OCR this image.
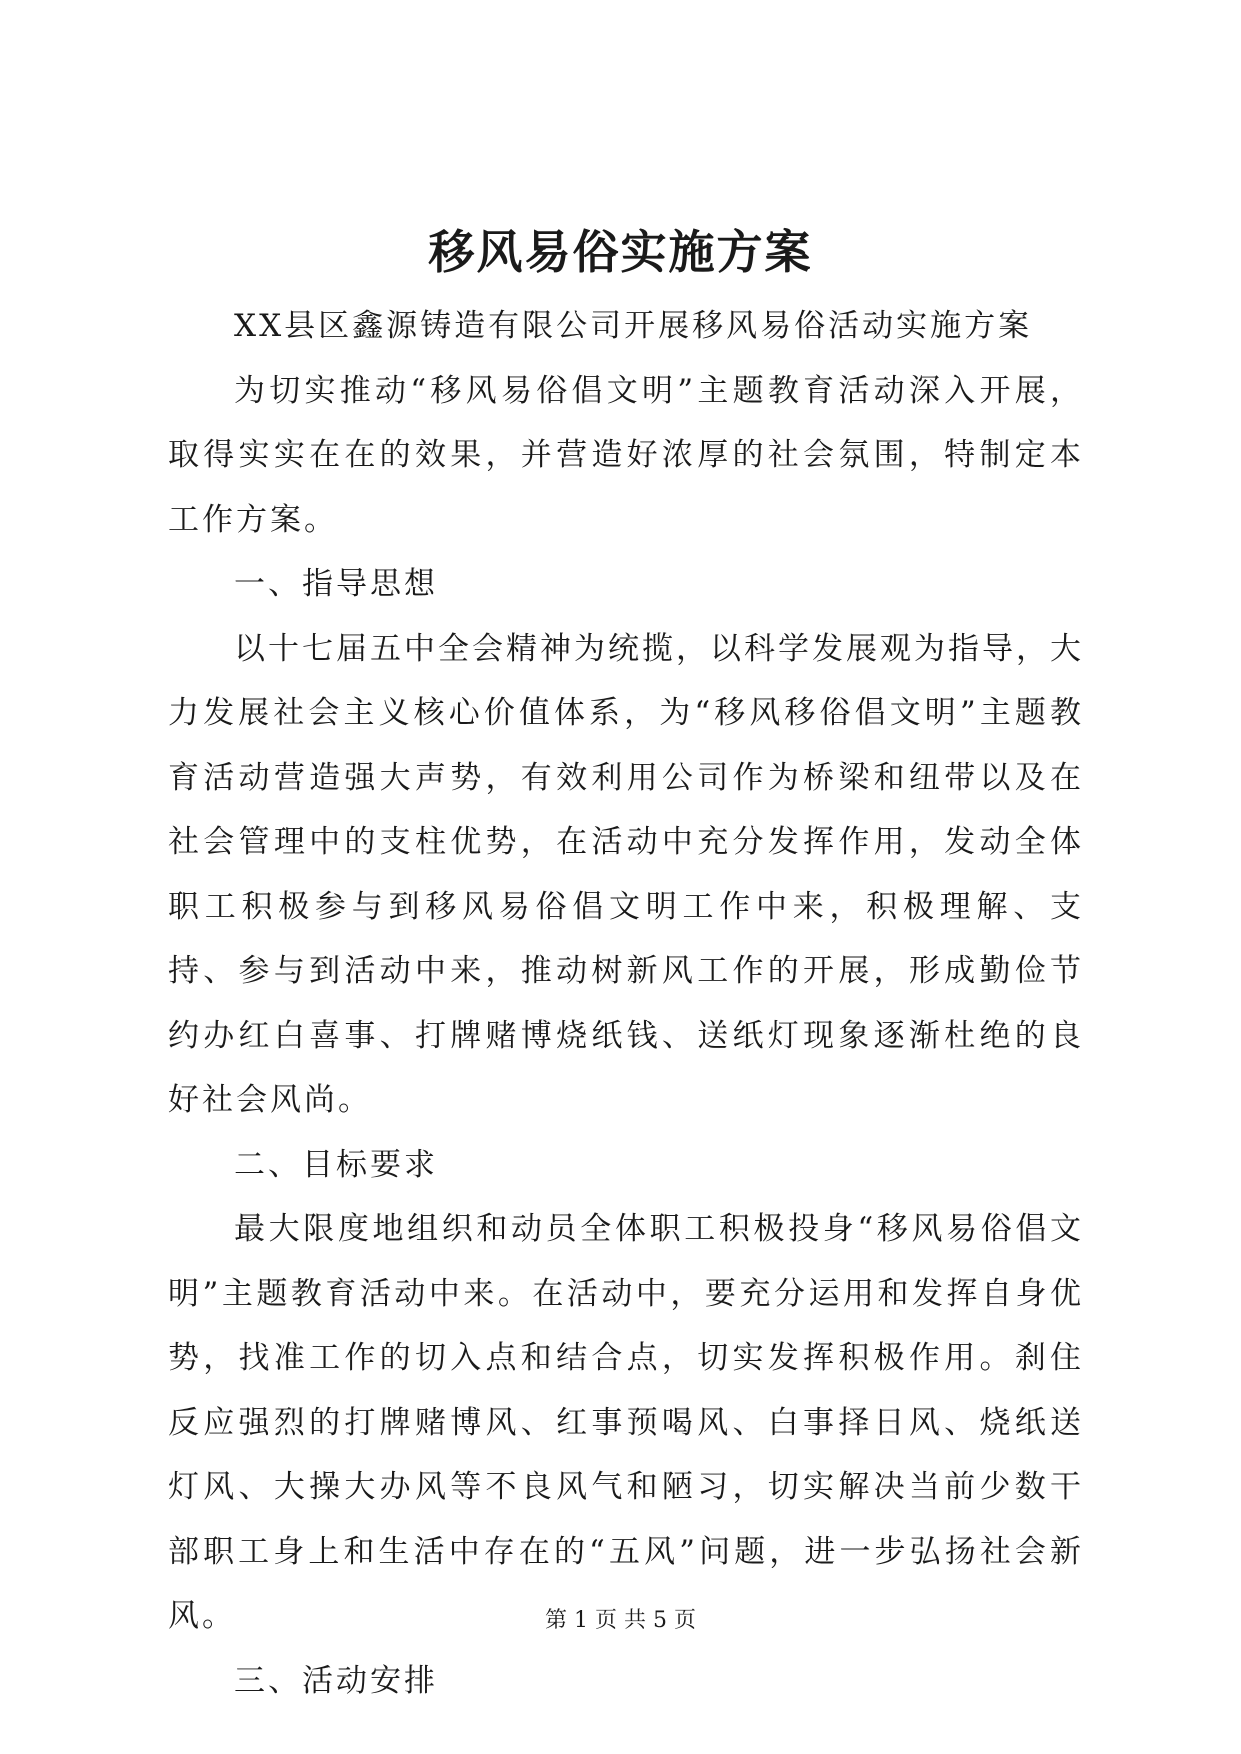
移风易俗实施方案

XX县区鑫源铸造有限公司开展移风易俗活动实施方案

为切实推动“移风易俗倡文明”主题教育活动深入开展，取得实实在在的效果，并营造好浓厚的社会氛围，特制定本工作方案。

一、指导思想

以十七届五中全会精神为统揽，以科学发展观为指导，大力发展社会主义核心价值体系，为“移风移俗倡文明”主题教育活动营造强大声势，有效利用公司作为桥梁和纽带以及在社会管理中的支柱优势，在活动中充分发挥作用，发动全体职工积极参与到移风易俗倡文明工作中来，积极理解、支持、参与到活动中来，推动树新风工作的开展，形成勤俭节约办红白喜事、打牌赌博烧纸钱、送纸灯现象逐渐杜绝的良好社会风尚。

二、目标要求

最大限度地组织和动员全体职工积极投身“移风易俗倡文明”主题教育活动中来。在活动中，要充分运用和发挥自身优势，找准工作的切入点和结合点，切实发挥积极作用。刹住反应强烈的打牌赌博风、红事预喝风、白事择日风、烧纸送灯风、大操大办风等不良风气和陋习，切实解决当前少数干部职工身上和生活中存在的“五风”问题，进一步弘扬社会新风。

三、活动安排

第 1 页 共 5 页
